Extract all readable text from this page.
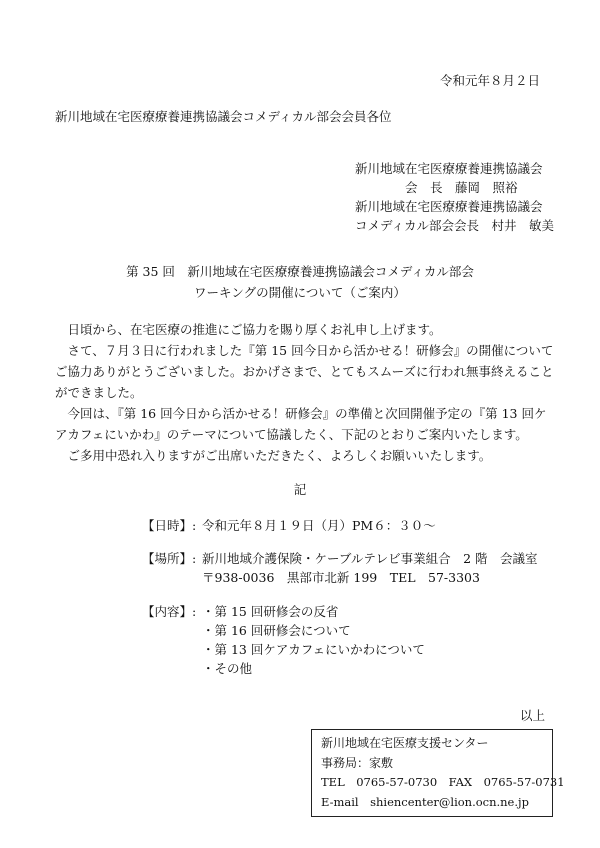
令和元年８月２日
新川地域在宅医療療養連携協議会コメディカル部会会員各位
新川地域在宅医療療養連携協議会
　　　　会　長　藤岡　照裕
新川地域在宅医療療養連携協議会
コメディカル部会会長　村井　敏美
第 35 回　新川地域在宅医療療養連携協議会コメディカル部会
ワーキングの開催について（ご案内）
日頃から、在宅医療の推進にご協力を賜り厚くお礼申し上げます。
さて、７月３日に行われました『第 15 回今日から活かせる！研修会』の開催についてご協力ありがとうございました。おかげさまで、とてもスムーズに行われ無事終えることができました。
今回は、『第 16 回今日から活かせる！研修会』の準備と次回開催予定の『第 13 回ケアカフェにいかわ』のテーマについて協議したく、下記のとおりご案内いたします。
ご多用中恐れ入りますがご出席いただきたく、よろしくお願いいたします。
記
【日時】: 令和元年８月１９日（月）PM６：３０～
【場所】: 新川地域介護保険・ケーブルテレビ事業組合　2 階　会議室
〒938-0036　黒部市北新 199　TEL　57-3303
【内容】: ・第 15 回研修会の反省
・第 16 回研修会について
・第 13 回ケアカフェにいかわについて
・その他
以上
新川地域在宅医療支援センター
事務局：家敷
TEL　0765-57-0730　FAX　0765-57-0731
E-mail　shiencenter@lion.ocn.ne.jp
